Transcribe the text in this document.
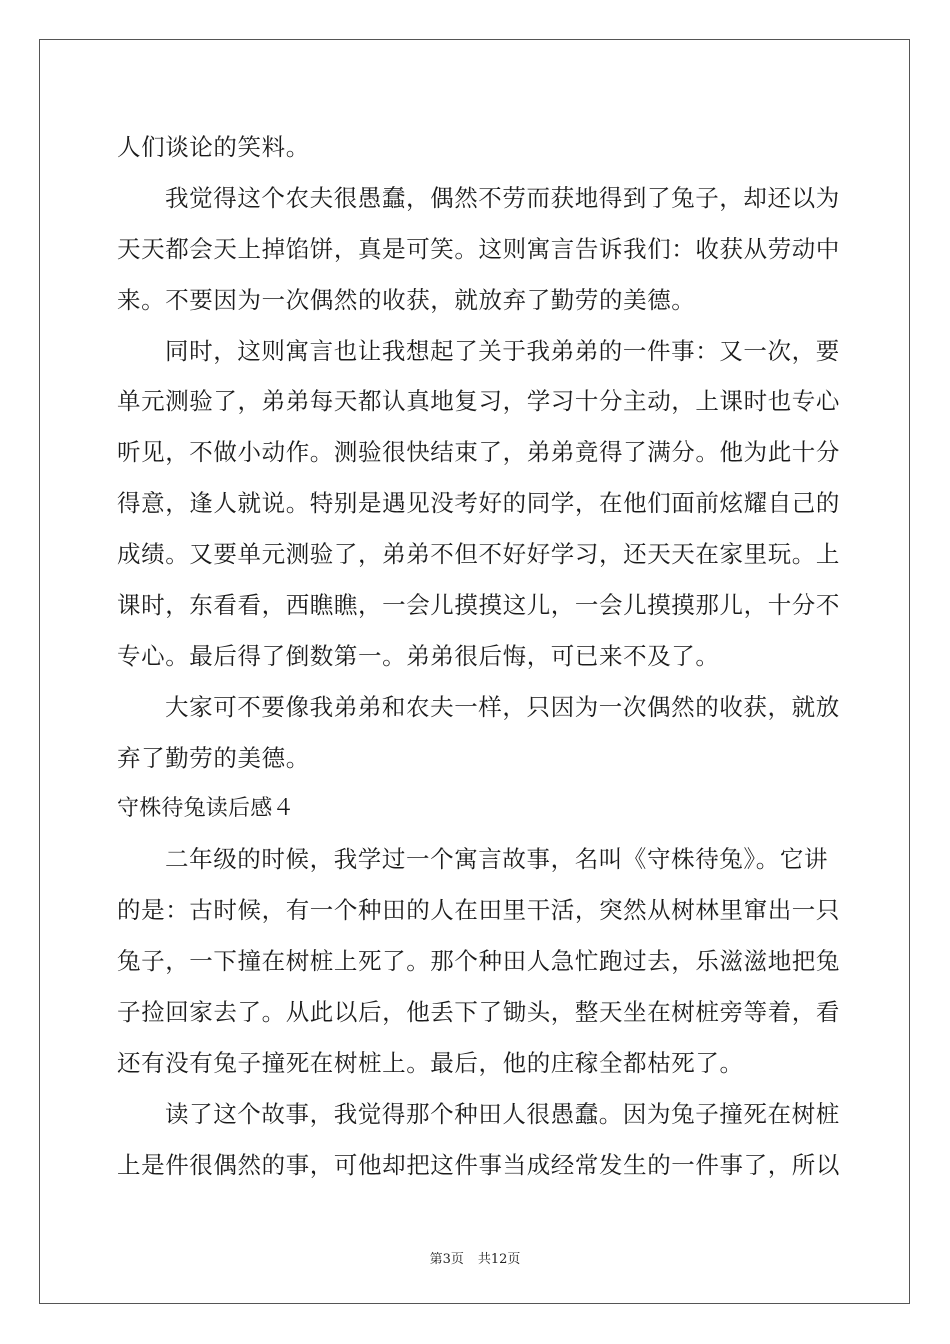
人们谈论的笑料。
我觉得这个农夫很愚蠢，偶然不劳而获地得到了兔子，却还以为
天天都会天上掉馅饼，真是可笑。这则寓言告诉我们：收获从劳动中
来。不要因为一次偶然的收获，就放弃了勤劳的美德。
同时，这则寓言也让我想起了关于我弟弟的一件事：又一次，要
单元测验了，弟弟每天都认真地复习，学习十分主动，上课时也专心
听见，不做小动作。测验很快结束了，弟弟竟得了满分。他为此十分
得意，逢人就说。特别是遇见没考好的同学，在他们面前炫耀自己的
成绩。又要单元测验了，弟弟不但不好好学习，还天天在家里玩。上
课时，东看看，西瞧瞧，一会儿摸摸这儿，一会儿摸摸那儿，十分不
专心。最后得了倒数第一。弟弟很后悔，可已来不及了。
大家可不要像我弟弟和农夫一样，只因为一次偶然的收获，就放
弃了勤劳的美德。
守株待兔读后感４
二年级的时候，我学过一个寓言故事，名叫《守株待兔》。它讲
的是：古时候，有一个种田的人在田里干活，突然从树林里窜出一只
兔子，一下撞在树桩上死了。那个种田人急忙跑过去，乐滋滋地把兔
子捡回家去了。从此以后，他丢下了锄头，整天坐在树桩旁等着，看
还有没有兔子撞死在树桩上。最后，他的庄稼全都枯死了。
读了这个故事，我觉得那个种田人很愚蠢。因为兔子撞死在树桩
上是件很偶然的事，可他却把这件事当成经常发生的一件事了，所以
第3页 共12页
